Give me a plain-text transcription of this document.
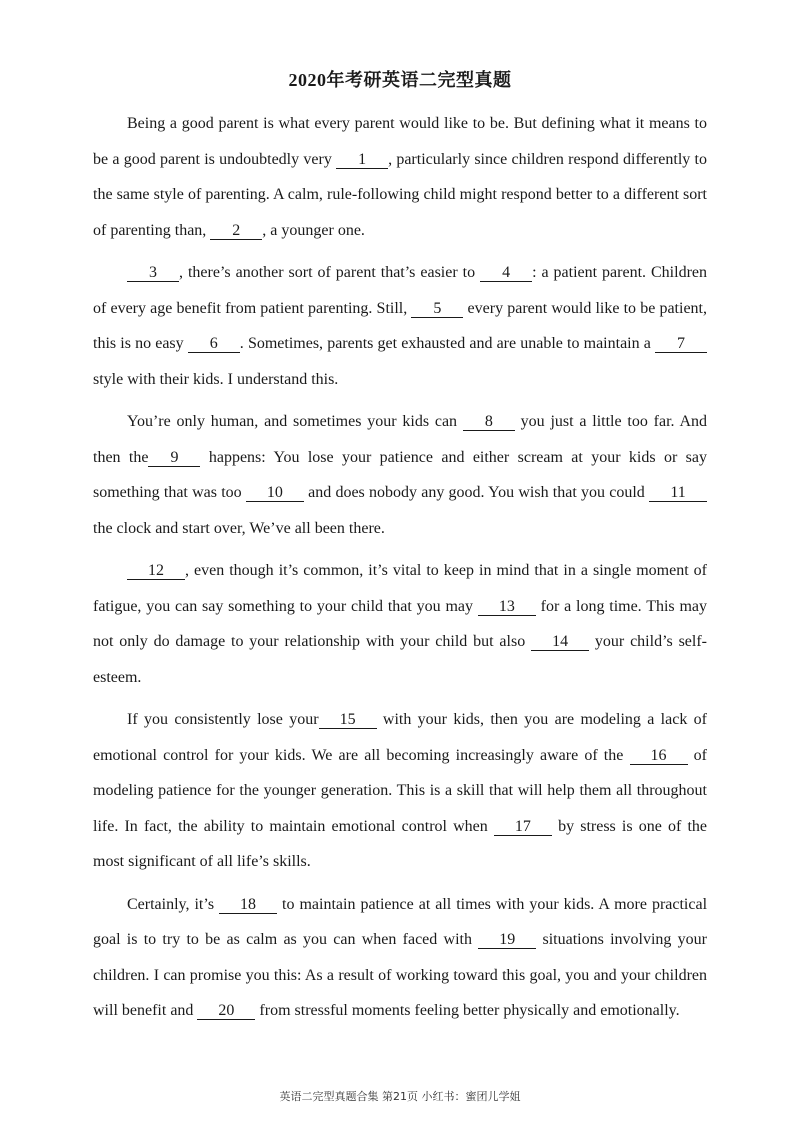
2020年考研英语二完型真题

Being a good parent is what every parent would like to be. But defining what it means to be a good parent is undoubtedly very 1 , particularly since children respond differently to the same style of parenting. A calm, rule-following child might respond better to a different sort of parenting than, 2 , a younger one.

3 , there’s another sort of parent that’s easier to 4 : a patient parent. Children of every age benefit from patient parenting. Still, 5 every parent would like to be patient, this is no easy 6 . Sometimes, parents get exhausted and are unable to maintain a 7 style with their kids. I understand this.

You’re only human, and sometimes your kids can 8 you just a little too far. And then the 9 happens: You lose your patience and either scream at your kids or say something that was too 10 and does nobody any good. You wish that you could 11 the clock and start over, We’ve all been there.

12 , even though it’s common, it’s vital to keep in mind that in a single moment of fatigue, you can say something to your child that you may 13 for a long time. This may not only do damage to your relationship with your child but also 14 your child’s self-esteem.

If you consistently lose your 15 with your kids, then you are modeling a lack of emotional control for your kids. We are all becoming increasingly aware of the 16 of modeling patience for the younger generation. This is a skill that will help them all throughout life. In fact, the ability to maintain emotional control when 17 by stress is one of the most significant of all life’s skills.

Certainly, it’s 18 to maintain patience at all times with your kids. A more practical goal is to try to be as calm as you can when faced with 19 situations involving your children. I can promise you this: As a result of working toward this goal, you and your children will benefit and 20 from stressful moments feeling better physically and emotionally.

英语二完型真题合集 第21页 小红书：蜜团儿学姐
